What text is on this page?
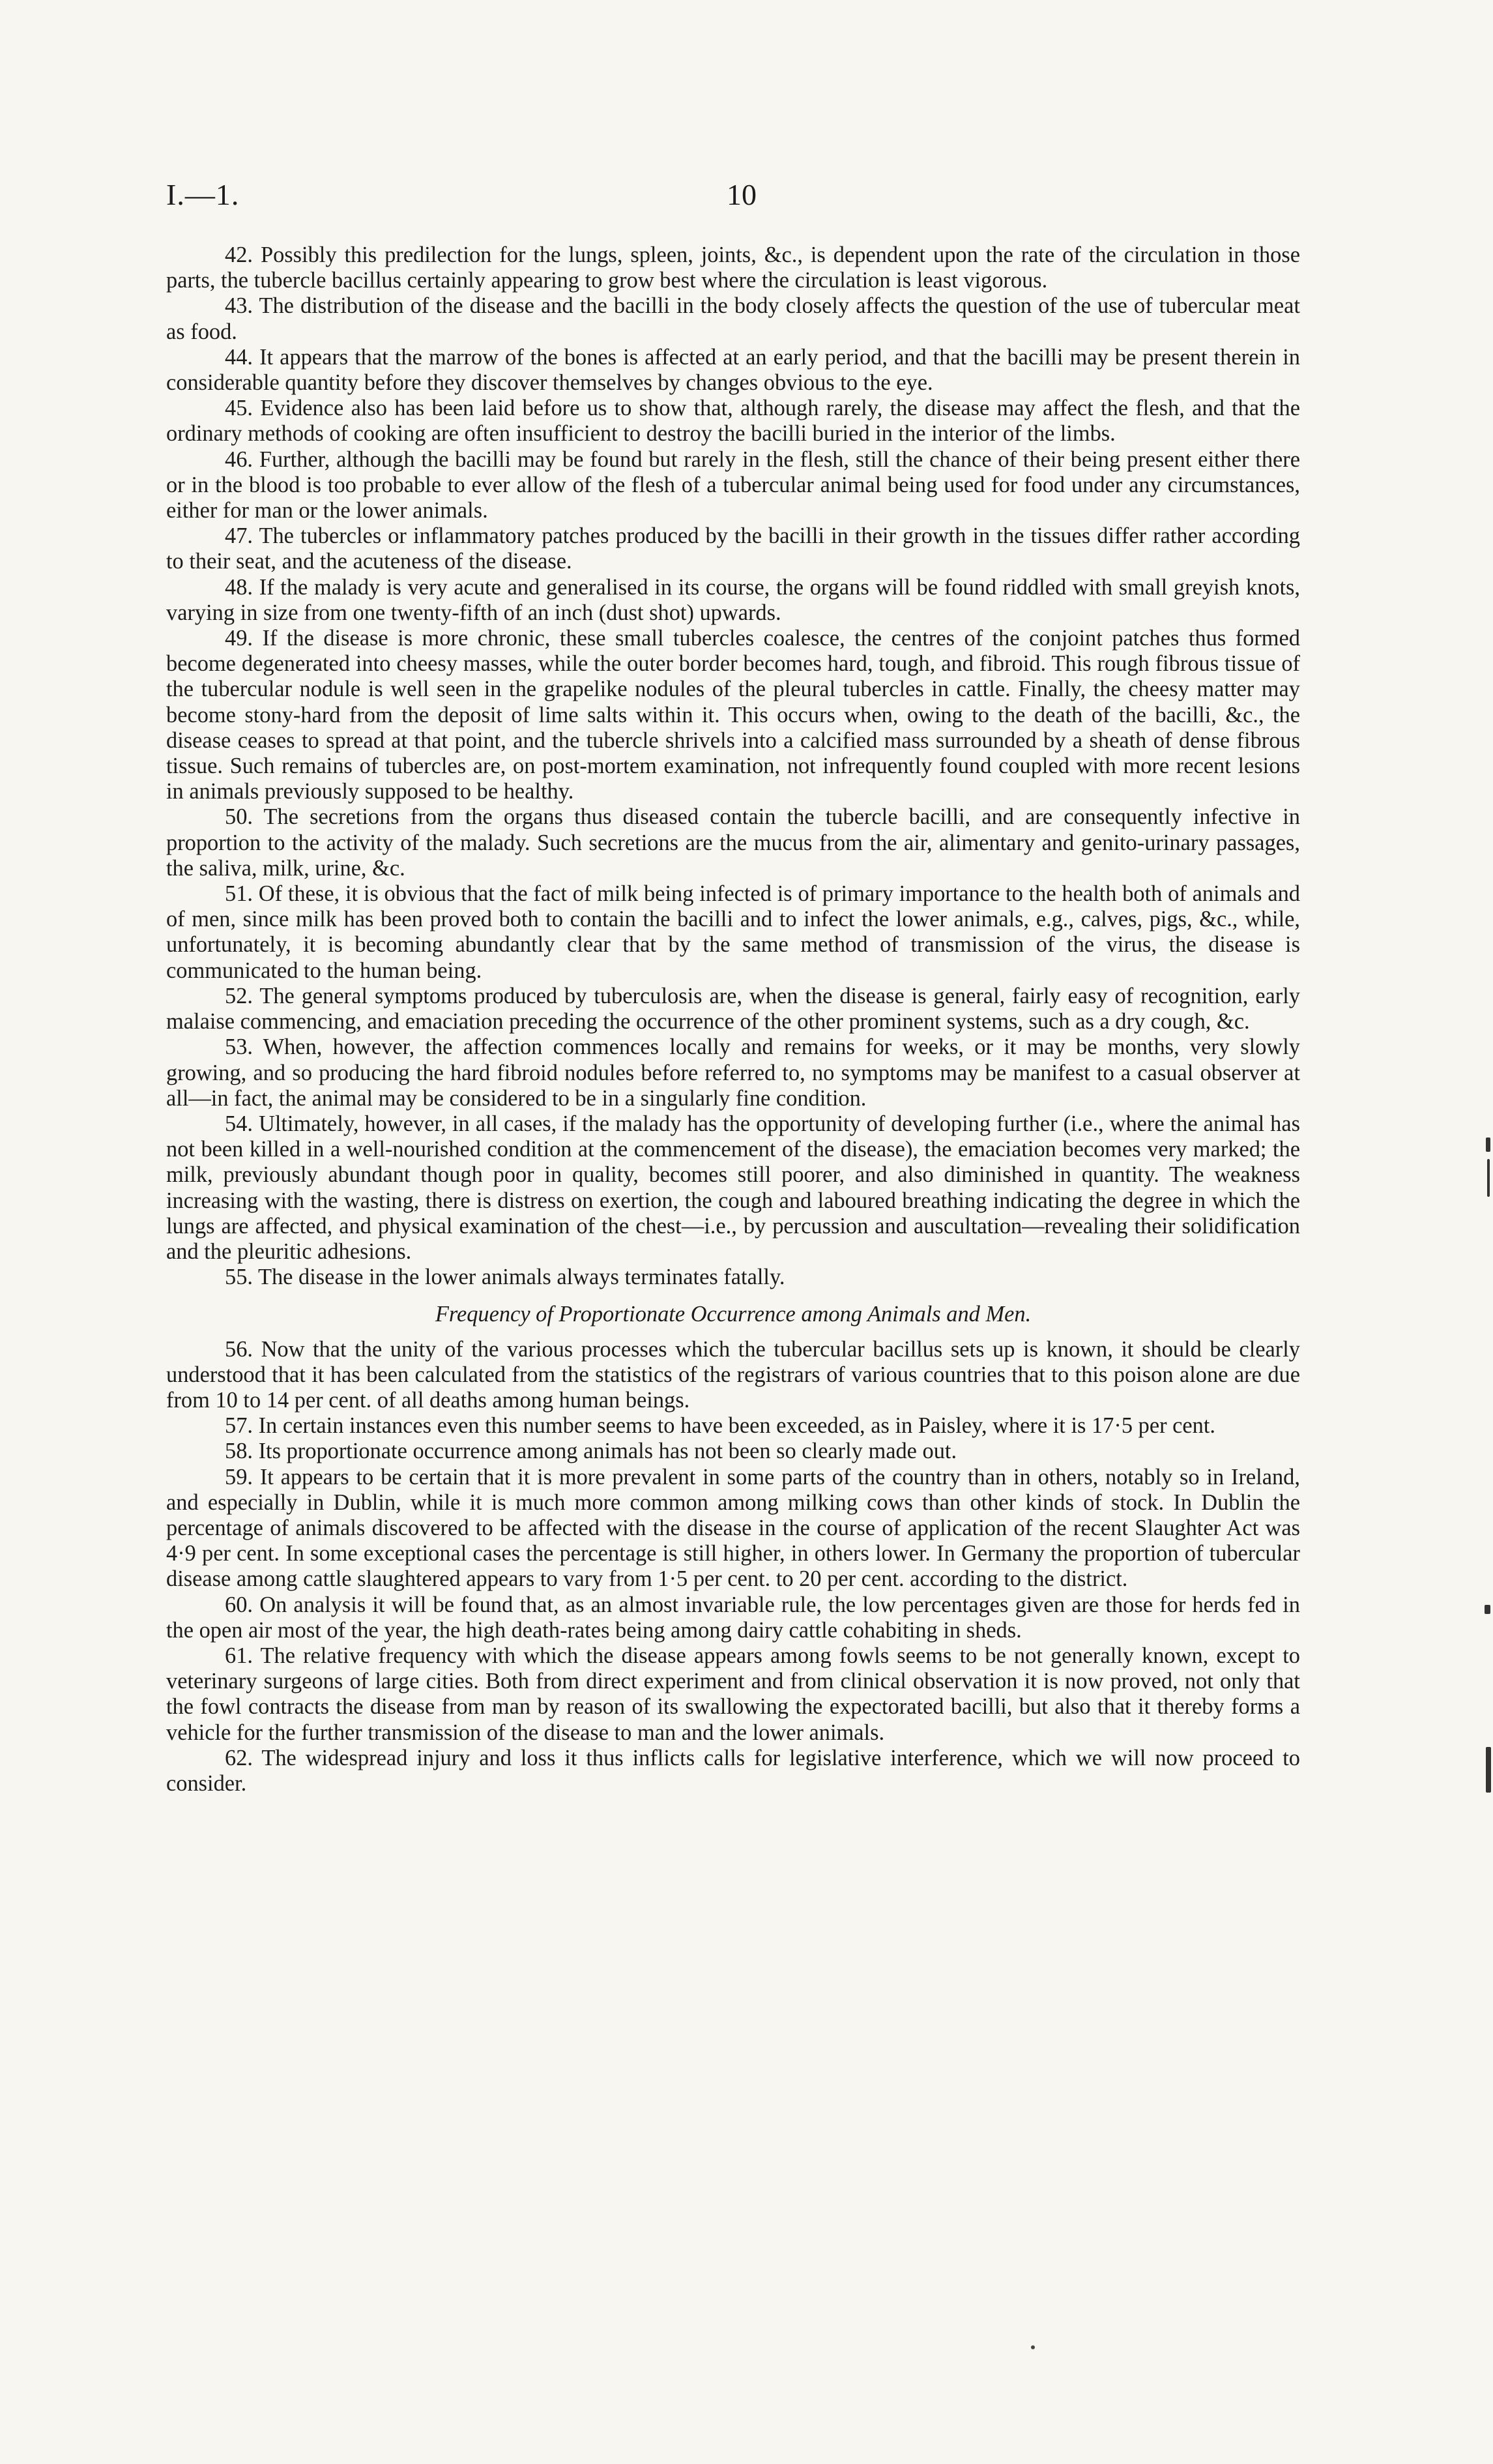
I.—1.	10

42. Possibly this predilection for the lungs, spleen, joints, &c., is dependent upon the rate of the circulation in those parts, the tubercle bacillus certainly appearing to grow best where the circulation is least vigorous.

43. The distribution of the disease and the bacilli in the body closely affects the question of the use of tubercular meat as food.

44. It appears that the marrow of the bones is affected at an early period, and that the bacilli may be present therein in considerable quantity before they discover themselves by changes obvious to the eye.

45. Evidence also has been laid before us to show that, although rarely, the disease may affect the flesh, and that the ordinary methods of cooking are often insufficient to destroy the bacilli buried in the interior of the limbs.

46. Further, although the bacilli may be found but rarely in the flesh, still the chance of their being present either there or in the blood is too probable to ever allow of the flesh of a tubercular animal being used for food under any circumstances, either for man or the lower animals.

47. The tubercles or inflammatory patches produced by the bacilli in their growth in the tissues differ rather according to their seat, and the acuteness of the disease.

48. If the malady is very acute and generalised in its course, the organs will be found riddled with small greyish knots, varying in size from one twenty-fifth of an inch (dust shot) upwards.

49. If the disease is more chronic, these small tubercles coalesce, the centres of the conjoint patches thus formed become degenerated into cheesy masses, while the outer border becomes hard, tough, and fibroid. This rough fibrous tissue of the tubercular nodule is well seen in the grapelike nodules of the pleural tubercles in cattle. Finally, the cheesy matter may become stony-hard from the deposit of lime salts within it. This occurs when, owing to the death of the bacilli, &c., the disease ceases to spread at that point, and the tubercle shrivels into a calcified mass surrounded by a sheath of dense fibrous tissue. Such remains of tubercles are, on post-mortem examination, not infrequently found coupled with more recent lesions in animals previously supposed to be healthy.

50. The secretions from the organs thus diseased contain the tubercle bacilli, and are consequently infective in proportion to the activity of the malady. Such secretions are the mucus from the air, alimentary and genito-urinary passages, the saliva, milk, urine, &c.

51. Of these, it is obvious that the fact of milk being infected is of primary importance to the health both of animals and of men, since milk has been proved both to contain the bacilli and to infect the lower animals, e.g., calves, pigs, &c., while, unfortunately, it is becoming abundantly clear that by the same method of transmission of the virus, the disease is communicated to the human being.

52. The general symptoms produced by tuberculosis are, when the disease is general, fairly easy of recognition, early malaise commencing, and emaciation preceding the occurrence of the other prominent systems, such as a dry cough, &c.

53. When, however, the affection commences locally and remains for weeks, or it may be months, very slowly growing, and so producing the hard fibroid nodules before referred to, no symptoms may be manifest to a casual observer at all—in fact, the animal may be considered to be in a singularly fine condition.

54. Ultimately, however, in all cases, if the malady has the opportunity of developing further (i.e., where the animal has not been killed in a well-nourished condition at the commencement of the disease), the emaciation becomes very marked; the milk, previously abundant though poor in quality, becomes still poorer, and also diminished in quantity. The weakness increasing with the wasting, there is distress on exertion, the cough and laboured breathing indicating the degree in which the lungs are affected, and physical examination of the chest—i.e., by percussion and auscultation—revealing their solidification and the pleuritic adhesions.

55. The disease in the lower animals always terminates fatally.

Frequency of Proportionate Occurrence among Animals and Men.

56. Now that the unity of the various processes which the tubercular bacillus sets up is known, it should be clearly understood that it has been calculated from the statistics of the registrars of various countries that to this poison alone are due from 10 to 14 per cent. of all deaths among human beings.

57. In certain instances even this number seems to have been exceeded, as in Paisley, where it is 17·5 per cent.

58. Its proportionate occurrence among animals has not been so clearly made out.

59. It appears to be certain that it is more prevalent in some parts of the country than in others, notably so in Ireland, and especially in Dublin, while it is much more common among milking cows than other kinds of stock. In Dublin the percentage of animals discovered to be affected with the disease in the course of application of the recent Slaughter Act was 4·9 per cent. In some exceptional cases the percentage is still higher, in others lower. In Germany the proportion of tubercular disease among cattle slaughtered appears to vary from 1·5 per cent. to 20 per cent. according to the district.

60. On analysis it will be found that, as an almost invariable rule, the low percentages given are those for herds fed in the open air most of the year, the high death-rates being among dairy cattle cohabiting in sheds.

61. The relative frequency with which the disease appears among fowls seems to be not generally known, except to veterinary surgeons of large cities. Both from direct experiment and from clinical observation it is now proved, not only that the fowl contracts the disease from man by reason of its swallowing the expectorated bacilli, but also that it thereby forms a vehicle for the further transmission of the disease to man and the lower animals.

62. The widespread injury and loss it thus inflicts calls for legislative interference, which we will now proceed to consider.
